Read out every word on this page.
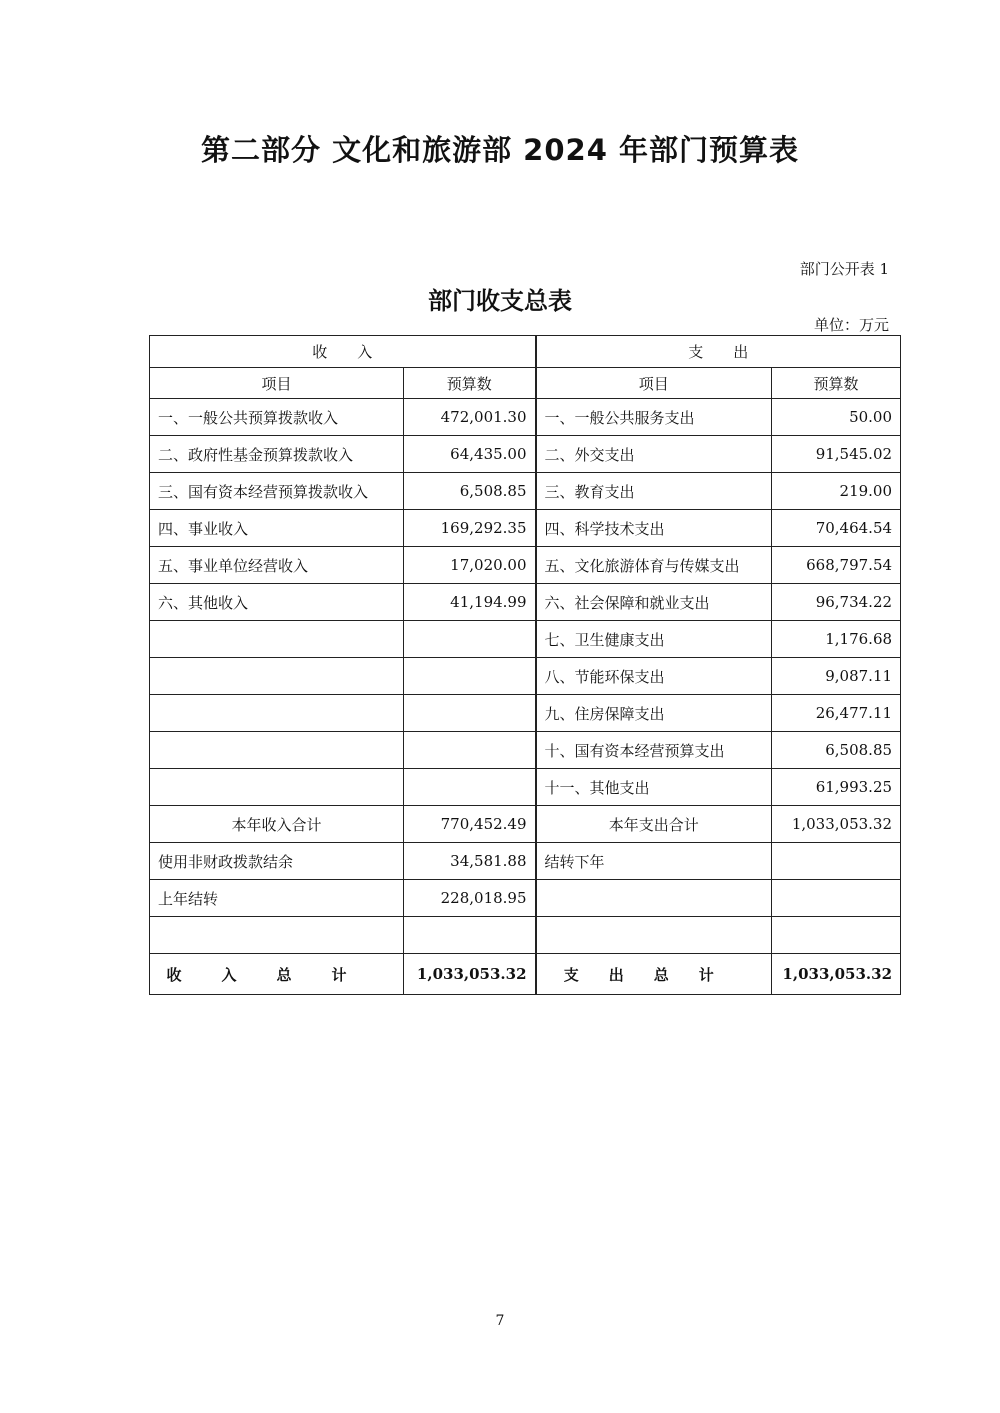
第二部分 文化和旅游部 2024 年部门预算表
部门公开表 1
部门收支总表
单位：万元
收　　入		支　　出	
项目	预算数	项目	预算数
一、一般公共预算拨款收入	472,001.30	一、一般公共服务支出	50.00
二、政府性基金预算拨款收入	64,435.00	二、外交支出	91,545.02
三、国有资本经营预算拨款收入	6,508.85	三、教育支出	219.00
四、事业收入	169,292.35	四、科学技术支出	70,464.54
五、事业单位经营收入	17,020.00	五、文化旅游体育与传媒支出	668,797.54
六、其他收入	41,194.99	六、社会保障和就业支出	96,734.22
		七、卫生健康支出	1,176.68
		八、节能环保支出	9,087.11
		九、住房保障支出	26,477.11
		十、国有资本经营预算支出	6,508.85
		十一、其他支出	61,993.25
本年收入合计	770,452.49	本年支出合计	1,033,053.32
使用非财政拨款结余	34,581.88	结转下年	
上年结转	228,018.95		

收入总计	1,033,053.32	支出总计	1,033,053.32
7
